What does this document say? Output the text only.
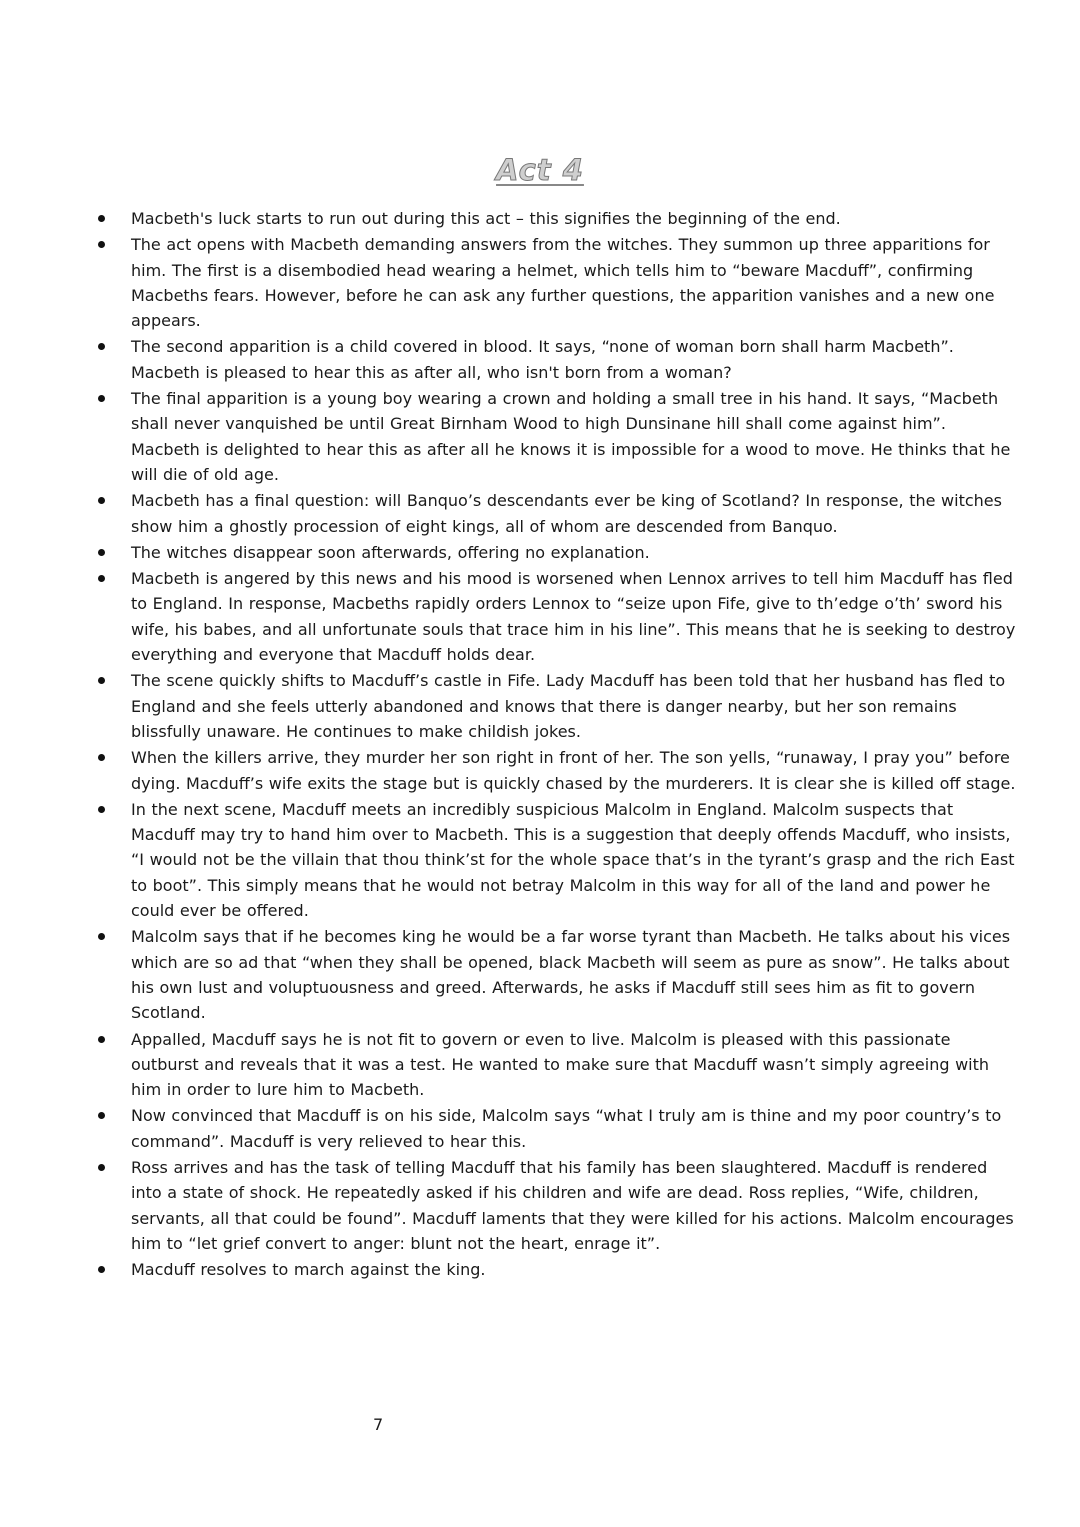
Act 4
Macbeth's luck starts to run out during this act – this signifies the beginning of the end.
The act opens with Macbeth demanding answers from the witches. They summon up three apparitions for him. The first is a disembodied head wearing a helmet, which tells him to “beware Macduff”, confirming Macbeths fears. However, before he can ask any further questions, the apparition vanishes and a new one appears.
The second apparition is a child covered in blood. It says, “none of woman born shall harm Macbeth”. Macbeth is pleased to hear this as after all, who isn't born from a woman?
The final apparition is a young boy wearing a crown and holding a small tree in his hand. It says, “Macbeth shall never vanquished be until Great Birnham Wood to high Dunsinane hill shall come against him”. Macbeth is delighted to hear this as after all he knows it is impossible for a wood to move. He thinks that he will die of old age.
Macbeth has a final question: will Banquo’s descendants ever be king of Scotland? In response, the witches show him a ghostly procession of eight kings, all of whom are descended from Banquo.
The witches disappear soon afterwards, offering no explanation.
Macbeth is angered by this news and his mood is worsened when Lennox arrives to tell him Macduff has fled to England. In response, Macbeths rapidly orders Lennox to “seize upon Fife, give to th’edge o’th’ sword his wife, his babes, and all unfortunate souls that trace him in his line”. This means that he is seeking to destroy everything and everyone that Macduff holds dear.
The scene quickly shifts to Macduff’s castle in Fife. Lady Macduff has been told that her husband has fled to England and she feels utterly abandoned and knows that there is danger nearby, but her son remains blissfully unaware. He continues to make childish jokes.
When the killers arrive, they murder her son right in front of her. The son yells, “runaway, I pray you” before dying. Macduff’s wife exits the stage but is quickly chased by the murderers. It is clear she is killed off stage.
In the next scene, Macduff meets an incredibly suspicious Malcolm in England. Malcolm suspects that Macduff may try to hand him over to Macbeth. This is a suggestion that deeply offends Macduff, who insists, “I would not be the villain that thou think’st for the whole space that’s in the tyrant’s grasp and the rich East to boot”. This simply means that he would not betray Malcolm in this way for all of the land and power he could ever be offered.
Malcolm says that if he becomes king he would be a far worse tyrant than Macbeth. He talks about his vices which are so ad that “when they shall be opened, black Macbeth will seem as pure as snow”. He talks about his own lust and voluptuousness and greed. Afterwards, he asks if Macduff still sees him as fit to govern Scotland.
Appalled, Macduff says he is not fit to govern or even to live. Malcolm is pleased with this passionate outburst and reveals that it was a test. He wanted to make sure that Macduff wasn’t simply agreeing with him in order to lure him to Macbeth.
Now convinced that Macduff is on his side, Malcolm says “what I truly am is thine and my poor country’s to command”. Macduff is very relieved to hear this.
Ross arrives and has the task of telling Macduff that his family has been slaughtered. Macduff is rendered into a state of shock. He repeatedly asked if his children and wife are dead. Ross replies, “Wife, children, servants, all that could be found”. Macduff laments that they were killed for his actions. Malcolm encourages him to “let grief convert to anger: blunt not the heart, enrage it”.
Macduff resolves to march against the king.
7
